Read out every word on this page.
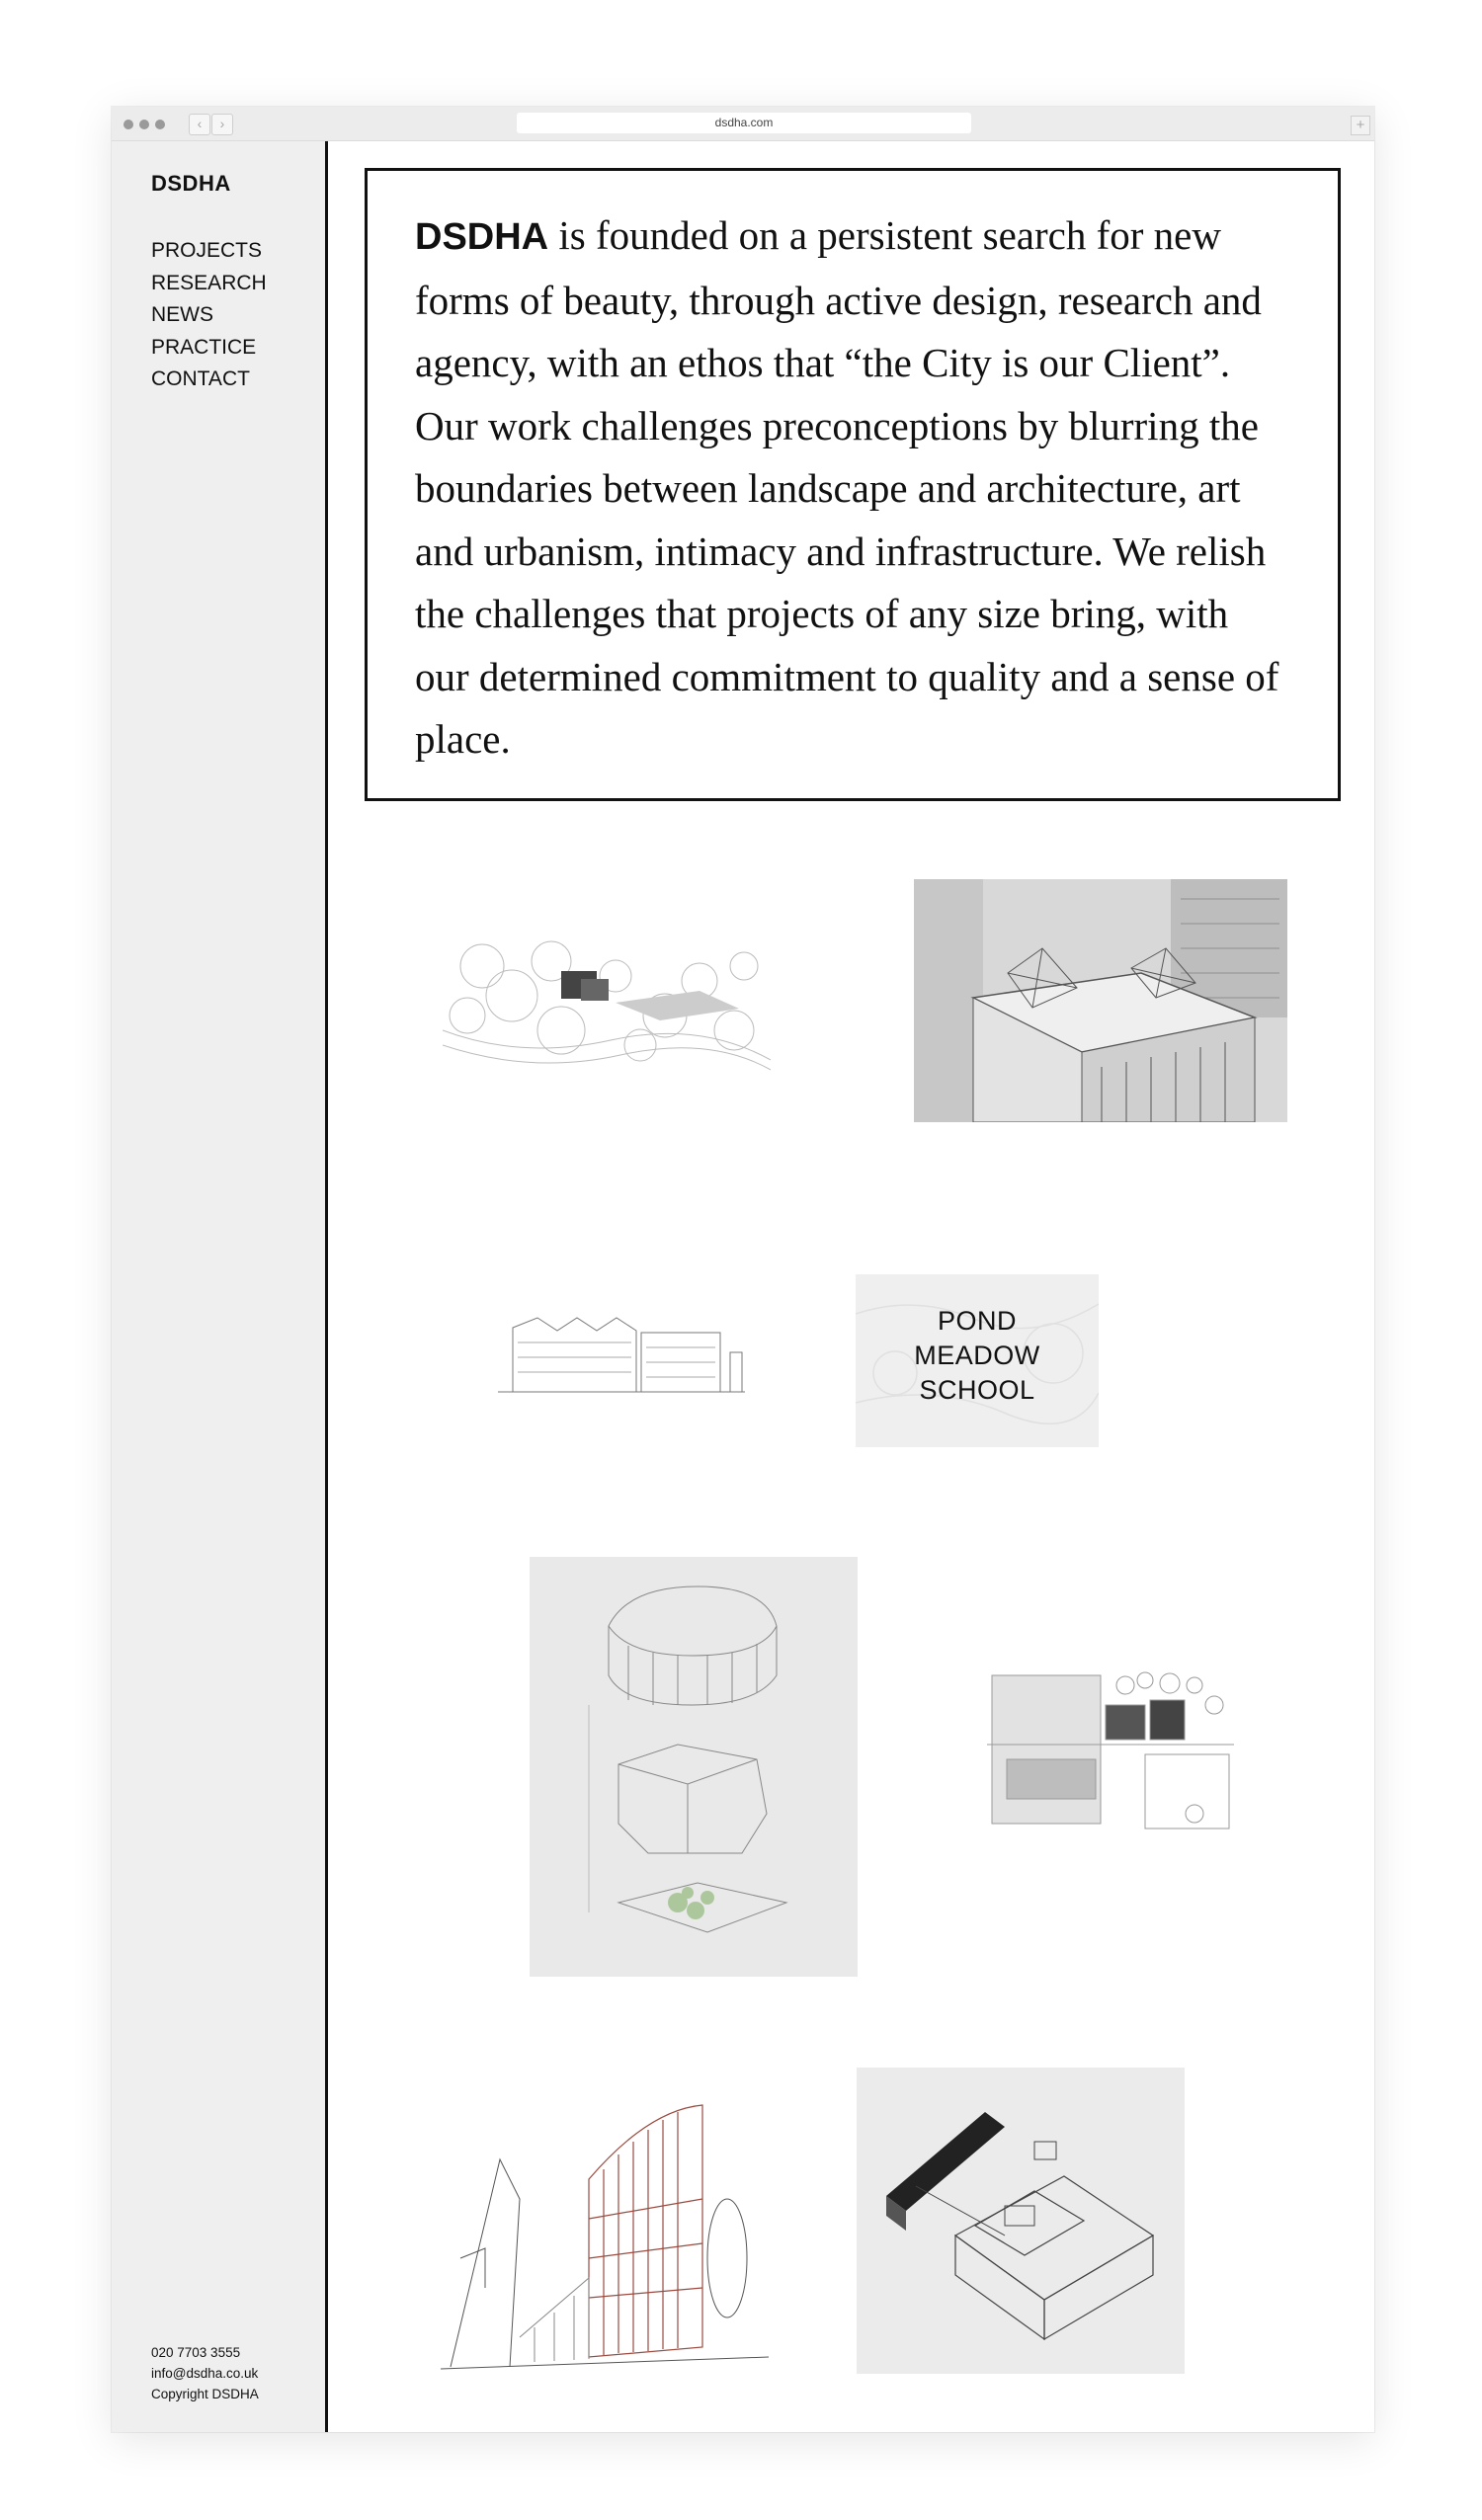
‹	›	dsdha.com	+
DSDHA
PROJECTS
RESEARCH
NEWS
PRACTICE
CONTACT
020 7703 3555
info@dsdha.co.uk
Copyright DSDHA
DSDHA is founded on a persistent search for new forms of beauty, through active design, research and agency, with an ethos that “the City is our Client”. Our work challenges preconceptions by blurring the boundaries between landscape and architecture, art and urbanism, intimacy and infrastructure. We relish the challenges that projects of any size bring, with our determined commitment to quality and a sense of place.
POND
MEADOW
SCHOOL
